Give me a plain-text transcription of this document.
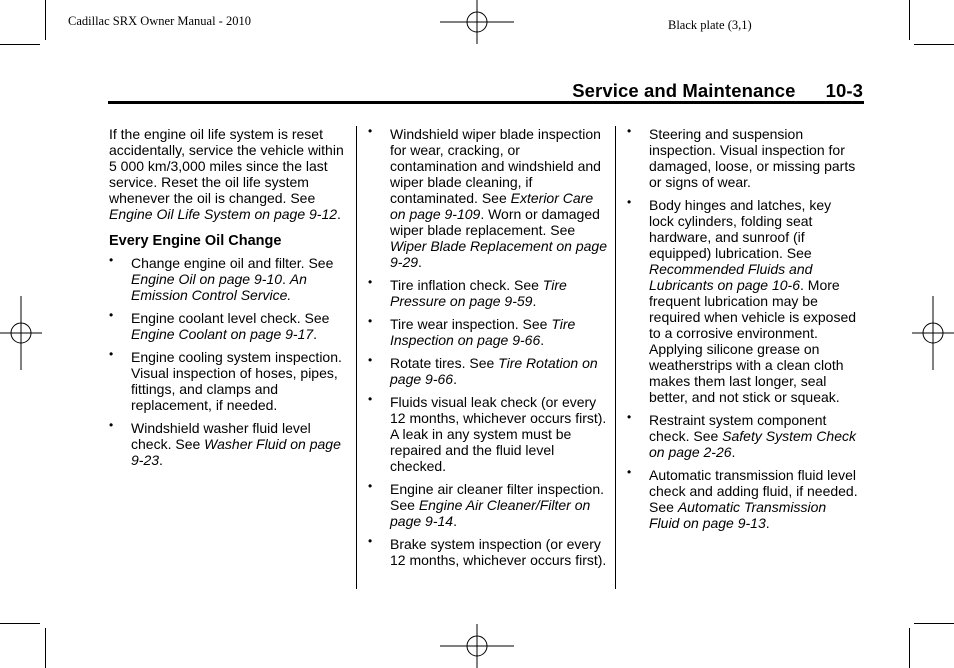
Cadillac SRX Owner Manual - 2010	Black plate (3,1)
Service and Maintenance 10-3

If the engine oil life system is reset accidentally, service the vehicle within 5 000 km/3,000 miles since the last service. Reset the oil life system whenever the oil is changed. See Engine Oil Life System on page 9‑12.

Every Engine Oil Change

• Change engine oil and filter. See Engine Oil on page 9‑10. An Emission Control Service.
• Engine coolant level check. See Engine Coolant on page 9‑17.
• Engine cooling system inspection. Visual inspection of hoses, pipes, fittings, and clamps and replacement, if needed.
• Windshield washer fluid level check. See Washer Fluid on page 9‑23.
• Windshield wiper blade inspection for wear, cracking, or contamination and windshield and wiper blade cleaning, if contaminated. See Exterior Care on page 9‑109. Worn or damaged wiper blade replacement. See Wiper Blade Replacement on page 9‑29.
• Tire inflation check. See Tire Pressure on page 9‑59.
• Tire wear inspection. See Tire Inspection on page 9‑66.
• Rotate tires. See Tire Rotation on page 9‑66.
• Fluids visual leak check (or every 12 months, whichever occurs first). A leak in any system must be repaired and the fluid level checked.
• Engine air cleaner filter inspection. See Engine Air Cleaner/Filter on page 9‑14.
• Brake system inspection (or every 12 months, whichever occurs first).
• Steering and suspension inspection. Visual inspection for damaged, loose, or missing parts or signs of wear.
• Body hinges and latches, key lock cylinders, folding seat hardware, and sunroof (if equipped) lubrication. See Recommended Fluids and Lubricants on page 10‑6. More frequent lubrication may be required when vehicle is exposed to a corrosive environment. Applying silicone grease on weatherstrips with a clean cloth makes them last longer, seal better, and not stick or squeak.
• Restraint system component check. See Safety System Check on page 2‑26.
• Automatic transmission fluid level check and adding fluid, if needed. See Automatic Transmission Fluid on page 9‑13.
